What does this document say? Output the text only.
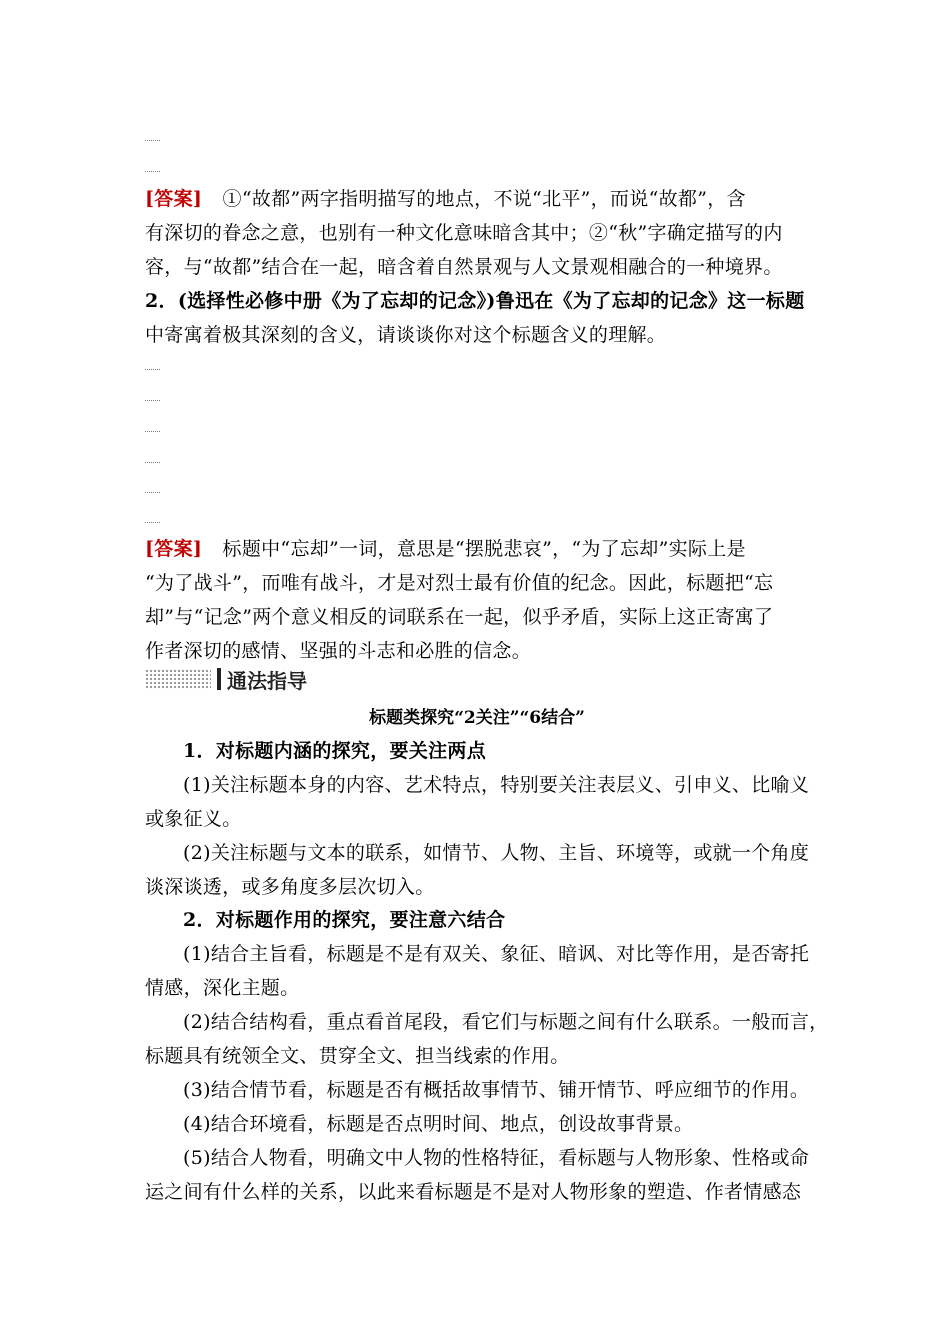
[答案] ①“故都”两字指明描写的地点，不说“北平”，而说“故都”，含
有深切的眷念之意，也别有一种文化意味暗含其中；②“秋”字确定描写的内
容，与“故都”结合在一起，暗含着自然景观与人文景观相融合的一种境界。
2．(选择性必修中册《为了忘却的记念》)鲁迅在《为了忘却的记念》这一标题
中寄寓着极其深刻的含义，请谈谈你对这个标题含义的理解。
[答案] 标题中“忘却”一词，意思是“摆脱悲哀”，“为了忘却”实际上是
“为了战斗”，而唯有战斗，才是对烈士最有价值的纪念。因此，标题把“忘
却”与“记念”两个意义相反的词联系在一起，似乎矛盾，实际上这正寄寓了
作者深切的感情、坚强的斗志和必胜的信念。
通法指导
标题类探究“2关注”“6结合”
1．对标题内涵的探究，要关注两点
(1)关注标题本身的内容、艺术特点，特别要关注表层义、引申义、比喻义
或象征义。
(2)关注标题与文本的联系，如情节、人物、主旨、环境等，或就一个角度
谈深谈透，或多角度多层次切入。
2．对标题作用的探究，要注意六结合
(1)结合主旨看，标题是不是有双关、象征、暗讽、对比等作用，是否寄托
情感，深化主题。
(2)结合结构看，重点看首尾段，看它们与标题之间有什么联系。一般而言，
标题具有统领全文、贯穿全文、担当线索的作用。
(3)结合情节看，标题是否有概括故事情节、铺开情节、呼应细节的作用。
(4)结合环境看，标题是否点明时间、地点，创设故事背景。
(5)结合人物看，明确文中人物的性格特征，看标题与人物形象、性格或命
运之间有什么样的关系，以此来看标题是不是对人物形象的塑造、作者情感态
